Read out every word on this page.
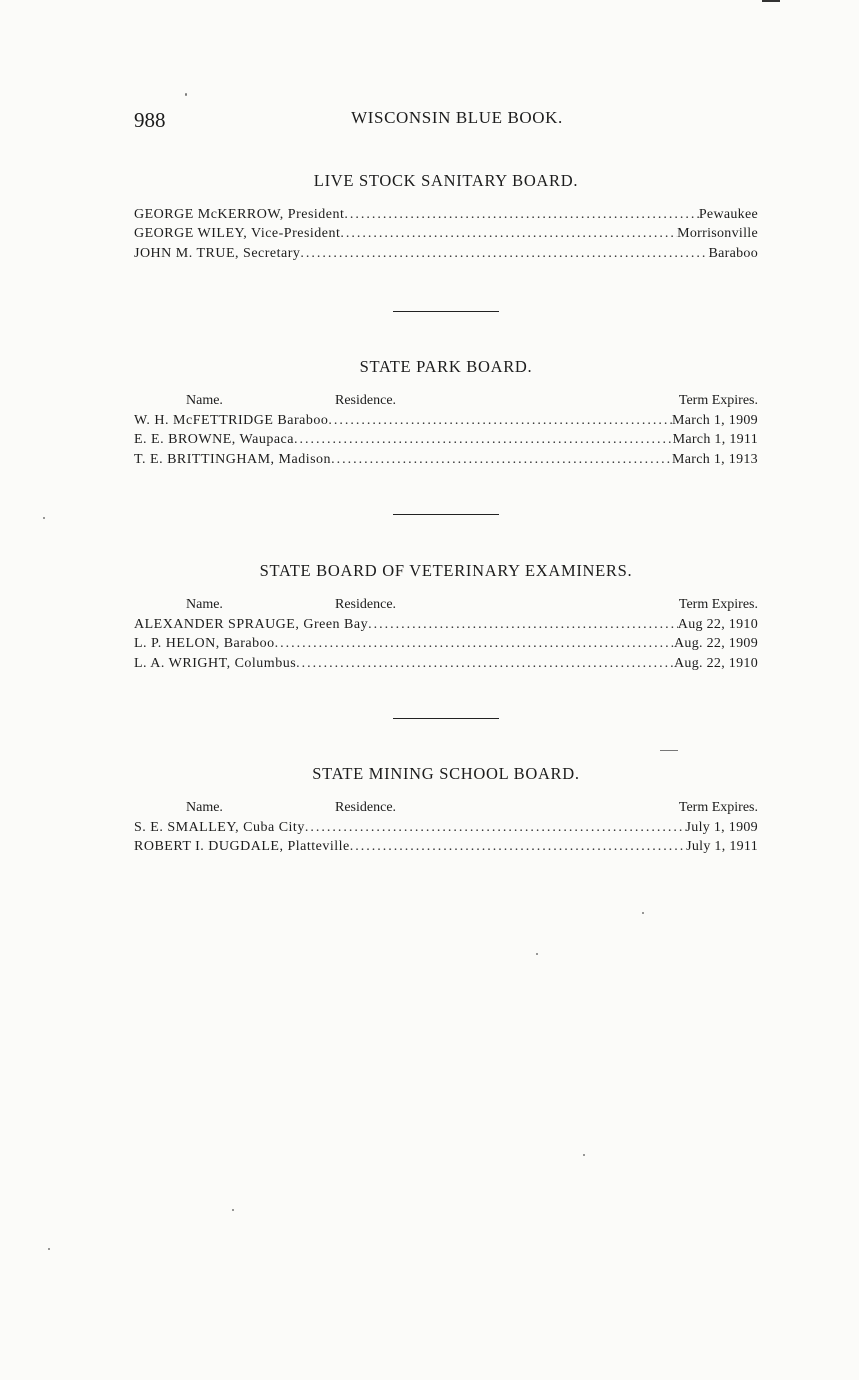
988	WISCONSIN BLUE BOOK.
LIVE STOCK SANITARY BOARD.
GEORGE McKERROW, President .....	Pewaukee
GEORGE WILEY, Vice-President .....	Morrisonville
JOHN M. TRUE, Secretary .....	Baraboo
STATE PARK BOARD.
Name.	Residence.	Term Expires.
W. H. McFETTRIDGE Baraboo .....	March 1, 1909
E. E. BROWNE, Waupaca .....	March 1, 1911
T. E. BRITTINGHAM, Madison .....	March 1, 1913
STATE BOARD OF VETERINARY EXAMINERS.
Name.	Residence.	Term Expires.
ALEXANDER SPRAUGE, Green Bay .....	Aug 22, 1910
L. P. HELON, Baraboo .....	Aug. 22, 1909
L. A. WRIGHT, Columbus .....	Aug. 22, 1910
STATE MINING SCHOOL BOARD.
Name.	Residence.	Term Expires.
S. E. SMALLEY, Cuba City .....	July 1, 1909
ROBERT I. DUGDALE, Platteville .....	July 1, 1911
